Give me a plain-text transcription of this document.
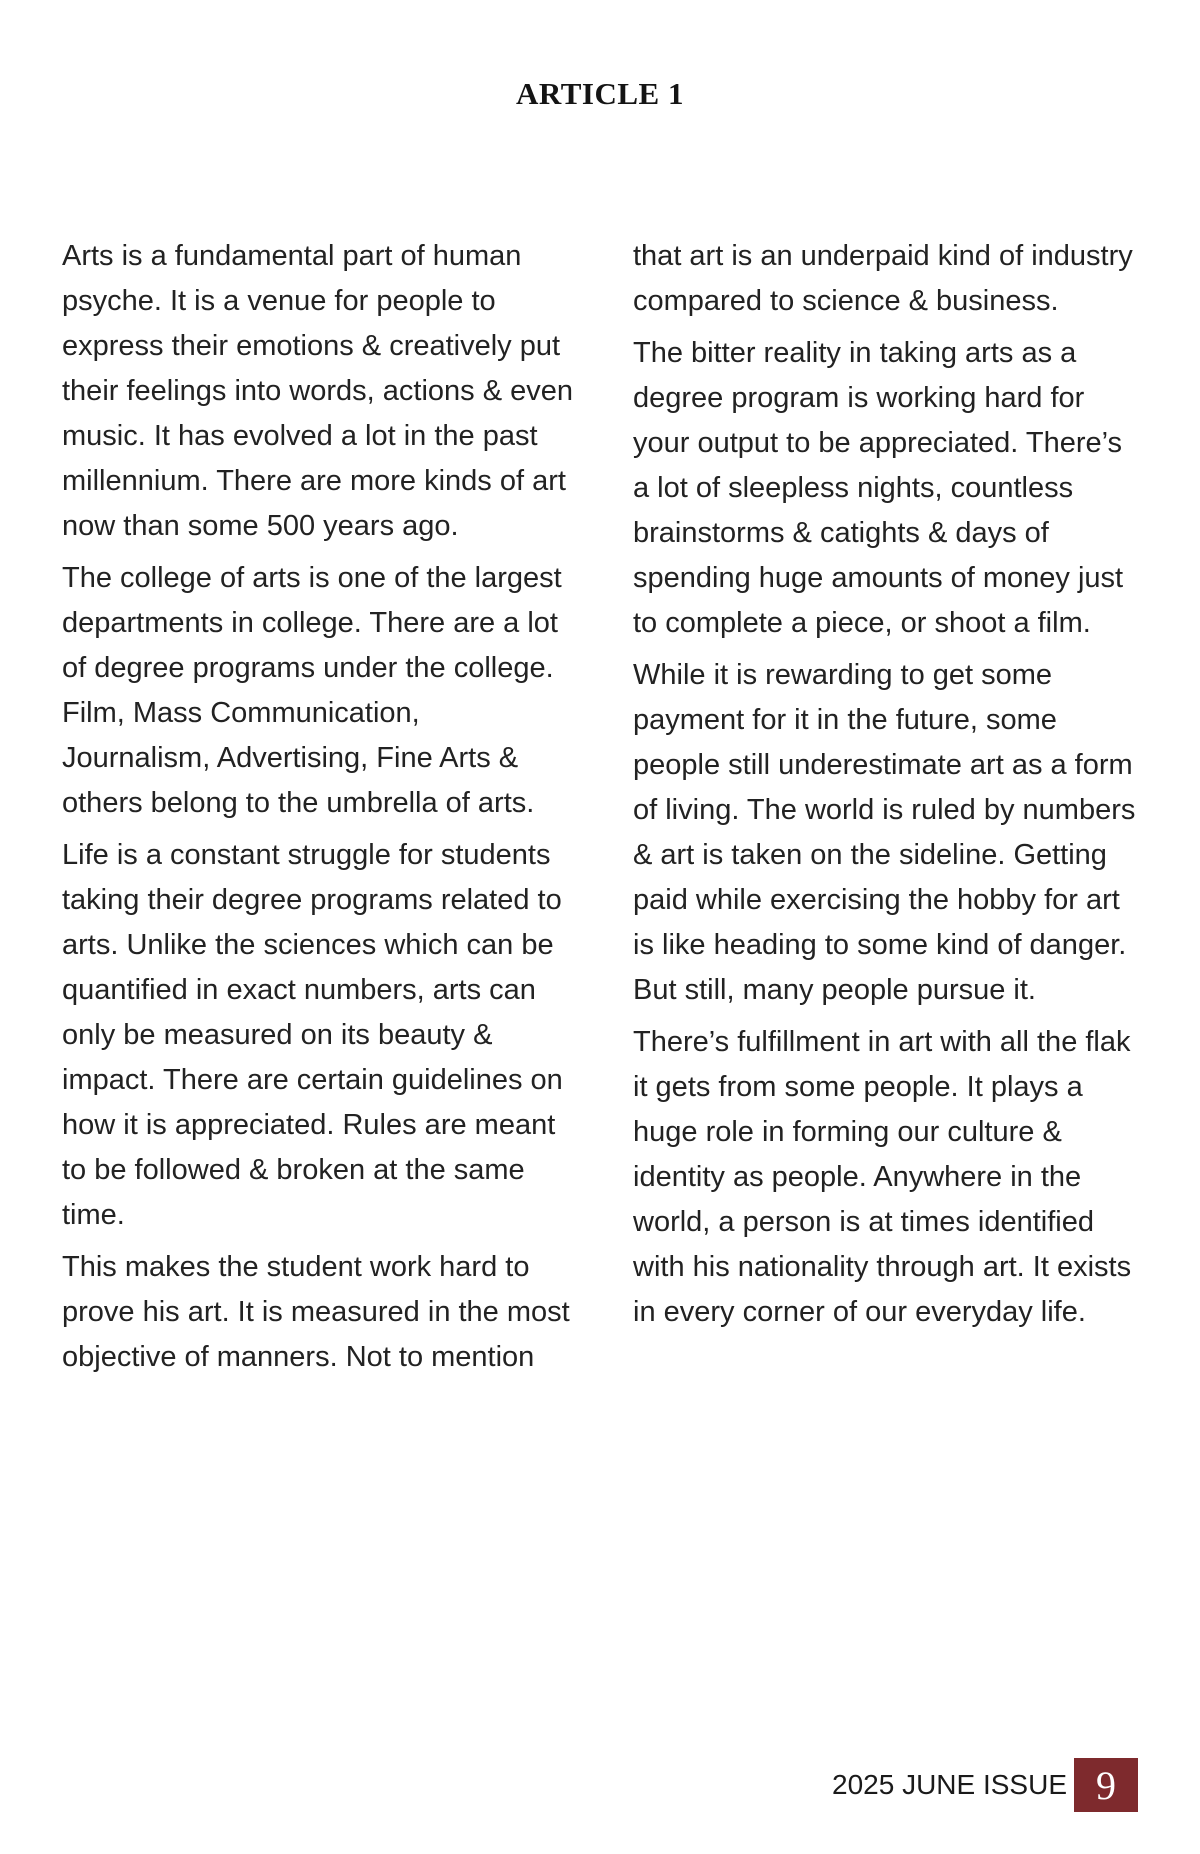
ARTICLE 1

Arts is a fundamental part of human psyche. It is a venue for people to express their emotions & creatively put their feelings into words, actions & even music. It has evolved a lot in the past millennium. There are more kinds of art now than some 500 years ago.

The college of arts is one of the largest departments in college. There are a lot of degree programs under the college. Film, Mass Communication, Journalism, Advertising, Fine Arts & others belong to the umbrella of arts.

Life is a constant struggle for students taking their degree programs related to arts. Unlike the sciences which can be quantified in exact numbers, arts can only be measured on its beauty & impact. There are certain guidelines on how it is appreciated. Rules are meant to be followed & broken at the same time.

This makes the student work hard to prove his art. It is measured in the most objective of manners. Not to mention

that art is an underpaid kind of industry compared to science & business.

The bitter reality in taking arts as a degree program is working hard for your output to be appreciated. There’s a lot of sleepless nights, countless brainstorms & catights & days of spending huge amounts of money just to complete a piece, or shoot a film.

While it is rewarding to get some payment for it in the future, some people still underestimate art as a form of living. The world is ruled by numbers & art is taken on the sideline. Getting paid while exercising the hobby for art is like heading to some kind of danger. But still, many people pursue it.

There’s fulfillment in art with all the flak it gets from some people. It plays a huge role in forming our culture & identity as people. Anywhere in the world, a person is at times identified with his nationality through art. It exists in every corner of our everyday life.

2025 JUNE ISSUE 9
